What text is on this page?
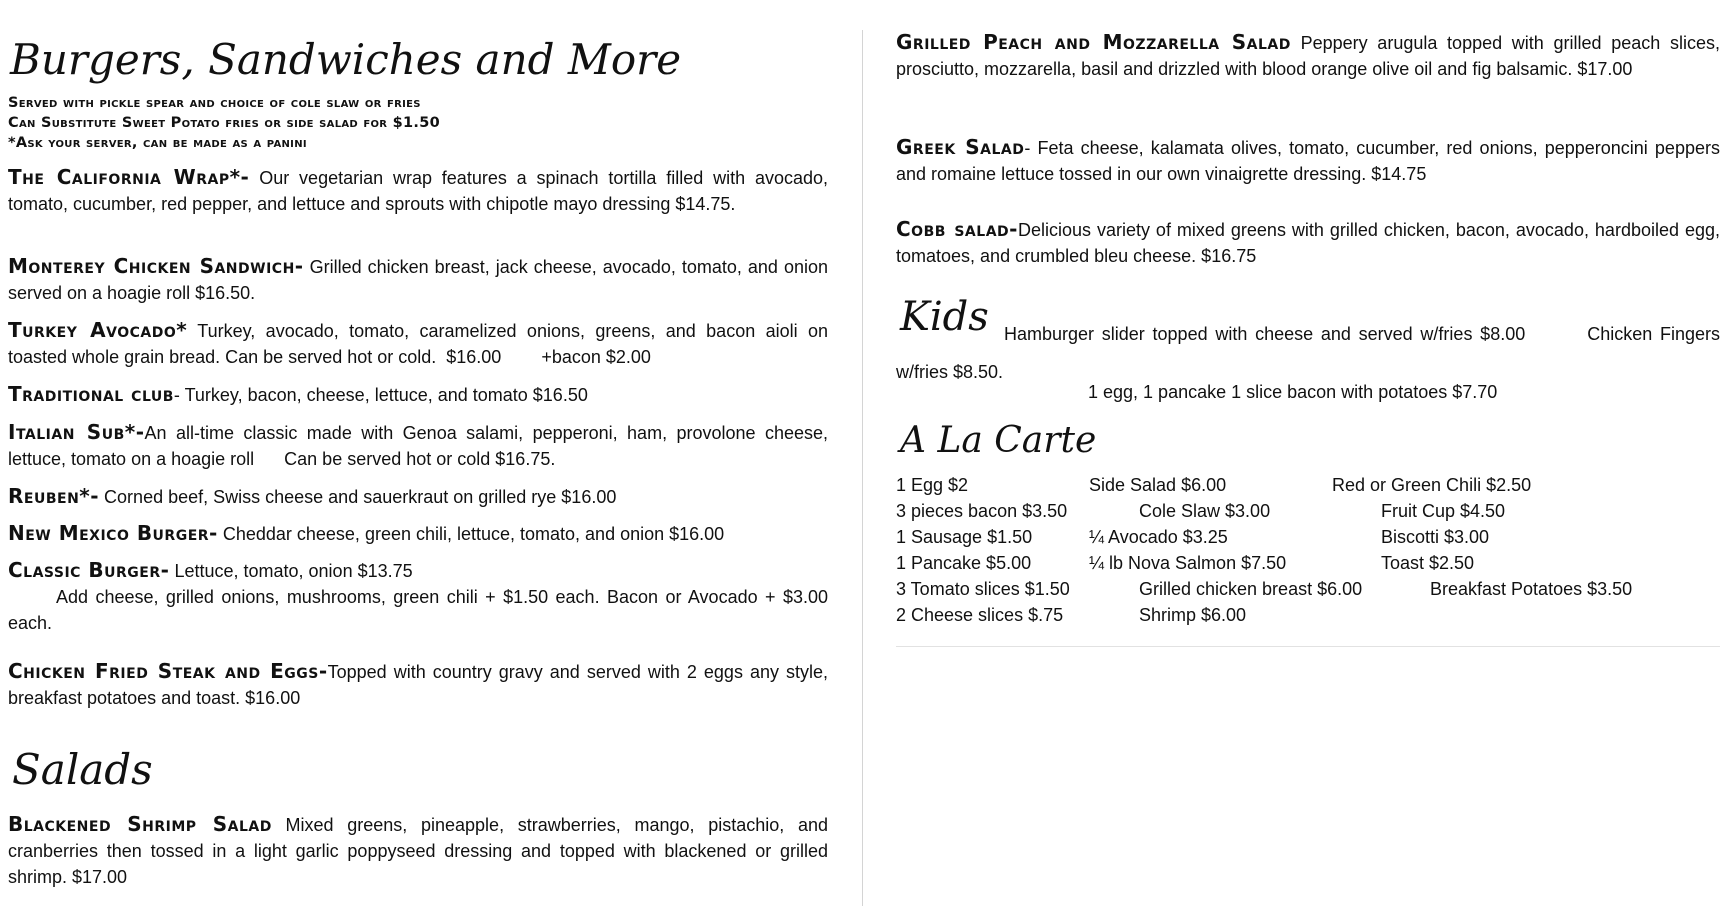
Burgers, Sandwiches and More
Served with pickle spear and choice of cole slaw or fries
Can Substitute Sweet Potato fries or side salad for $1.50
*Ask your server, can be made as a panini
The California Wrap*- Our vegetarian wrap features a spinach tortilla filled with avocado, tomato, cucumber, red pepper, and lettuce and sprouts with chipotle mayo dressing $14.75.
Monterey Chicken Sandwich- Grilled chicken breast, jack cheese, avocado, tomato, and onion served on a hoagie roll $16.50.
Turkey Avocado* Turkey, avocado, tomato, caramelized onions, greens, and bacon aioli on toasted whole grain bread. Can be served hot or cold.  $16.00        +bacon $2.00
Traditional club- Turkey, bacon, cheese, lettuce, and tomato $16.50
Italian Sub*-An all-time classic made with Genoa salami, pepperoni, ham, provolone cheese, lettuce, tomato on a hoagie roll      Can be served hot or cold $16.75.
Reuben*- Corned beef, Swiss cheese and sauerkraut on grilled rye $16.00
New Mexico Burger- Cheddar cheese, green chili, lettuce, tomato, and onion $16.00
Classic Burger- Lettuce, tomato, onion $13.75
Add cheese, grilled onions, mushrooms, green chili + $1.50 each. Bacon or Avocado + $3.00 each.
Chicken Fried Steak and Eggs-Topped with country gravy and served with 2 eggs any style, breakfast potatoes and toast. $16.00
Salads
Blackened Shrimp Salad Mixed greens, pineapple, strawberries, mango, pistachio, and cranberries then tossed in a light garlic poppyseed dressing and topped with blackened or grilled shrimp. $17.00
Grilled Peach and Mozzarella Salad Peppery arugula topped with grilled peach slices, prosciutto, mozzarella, basil and drizzled with blood orange olive oil and fig balsamic. $17.00
Greek Salad- Feta cheese, kalamata olives, tomato, cucumber, red onions, pepperoncini peppers and romaine lettuce tossed in our own vinaigrette dressing. $14.75
Cobb salad-Delicious variety of mixed greens with grilled chicken, bacon, avocado, hardboiled egg, tomatoes, and crumbled bleu cheese. $16.75
Kids Hamburger slider topped with cheese and served w/fries $8.00        Chicken Fingers w/fries $8.50.
1 egg, 1 pancake 1 slice bacon with potatoes $7.70
A La Carte
1 Egg $2	Side Salad $6.00	Red or Green Chili $2.50
3 pieces bacon $3.50	Cole Slaw $3.00	Fruit Cup $4.50
1 Sausage $1.50	¼ Avocado $3.25	Biscotti $3.00
1 Pancake $5.00	¼ lb Nova Salmon $7.50	Toast $2.50
3 Tomato slices $1.50	Grilled chicken breast $6.00	Breakfast Potatoes $3.50
2 Cheese slices $.75	Shrimp $6.00
